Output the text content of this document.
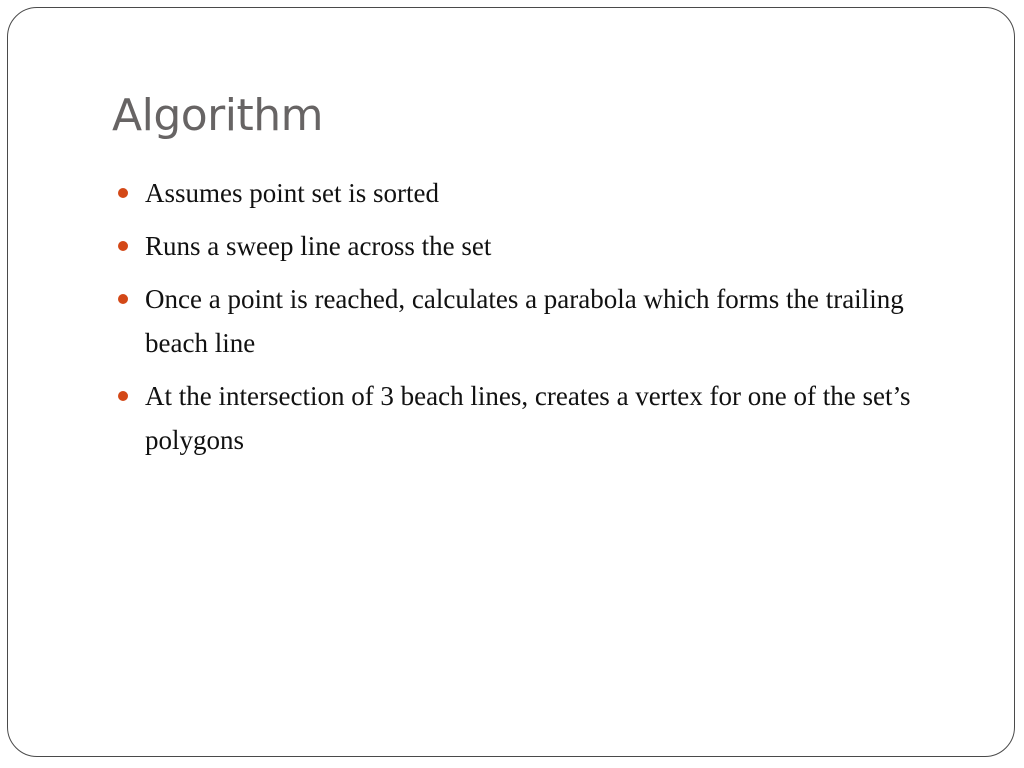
Algorithm
Assumes point set is sorted
Runs a sweep line across the set
Once a point is reached, calculates a parabola which forms the trailing beach line
At the intersection of 3 beach lines, creates a vertex for one of the set’s polygons
